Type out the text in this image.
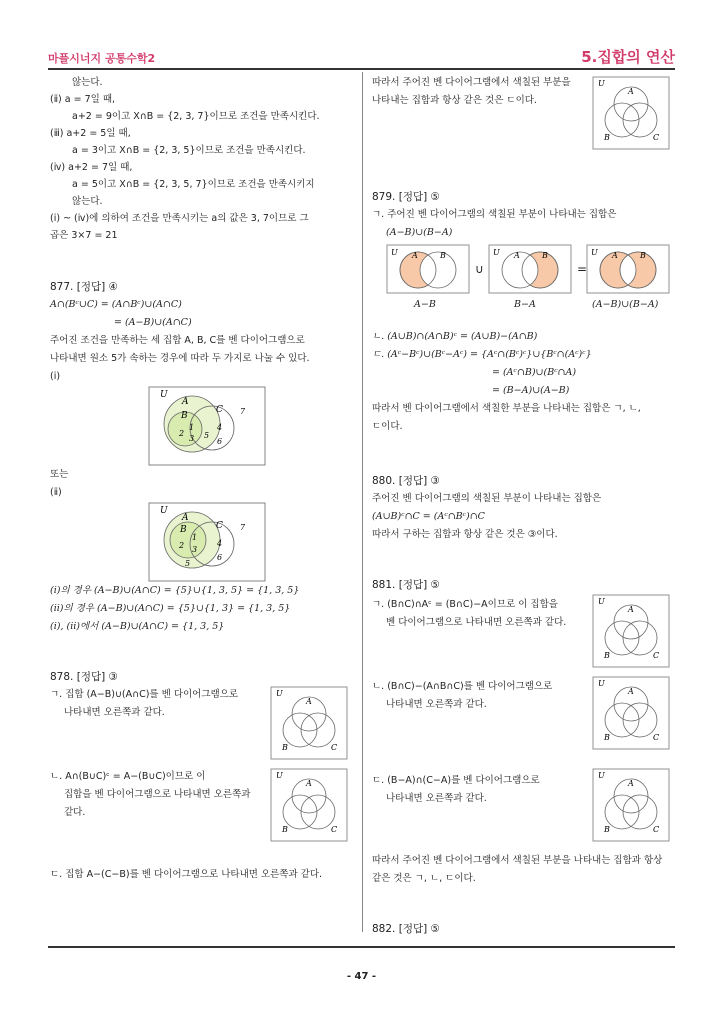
마플시너지 공통수학2	5.집합의 연산
않는다.
(ⅱ) a = 7일 때,
a+2 = 9이고 X∩B = {2, 3, 7}이므로 조건을 만족시킨다.
(ⅲ) a+2 = 5일 때,
a = 3이고 X∩B = {2, 3, 5}이므로 조건을 만족시킨다.
(ⅳ) a+2 = 7일 때,
a = 5이고 X∩B = {2, 3, 5, 7}이므로 조건을 만족시키지
않는다.
(ⅰ) ~ (ⅳ)에 의하여 조건을 만족시키는 a의 값은 3, 7이므로 그
곱은 3×7 = 21
877. [정답] ④
A∩(Bᶜ∪C) = (A∩Bᶜ)∪(A∩C)
= (A−B)∪(A∩C)
주어진 조건을 만족하는 세 집합 A, B, C를 벤 다이어그램으로
나타내면 원소 5가 속하는 경우에 따라 두 가지로 나눌 수 있다.
(ⅰ)
U
A
B
C
1
2
3 5
4
6
7
또는
(ⅱ)
U
A
B	C
1
2 3
5
4
6
7
(ⅰ)의 경우 (A−B)∪(A∩C) = {5}∪{1, 3, 5} = {1, 3, 5}
(ⅱ)의 경우 (A−B)∪(A∩C) = {5}∪{1, 3} = {1, 3, 5}
(ⅰ), (ⅱ)에서 (A−B)∪(A∩C) = {1, 3, 5}
878. [정답] ③
ㄱ. 집합 (A−B)∪(A∩C)를 벤 다이어그램으로
나타내면 오른쪽과 같다.
U
A
B	C
ㄴ. A∩(B∪C)ᶜ = A−(B∪C)이므로 이
집합을 벤 다이어그램으로 나타내면 오른쪽과
같다.
U
A
B	C
ㄷ. 집합 A−(C−B)를 벤 다이어그램으로 나타내면 오른쪽과 같다.
따라서 주어진 벤 다이어그램에서 색칠된 부분을
나타내는 집합과 항상 같은 것은 ㄷ이다.
U
A
B	C
879. [정답] ⑤
ㄱ. 주어진 벤 다이어그램의 색칠된 부분이 나타내는 집합은
(A−B)∪(B−A)
U A	B
∪
U A	B
=
U A	B
A−B	B−A	(A−B)∪(B−A)
ㄴ. (A∪B)∩(A∩B)ᶜ = (A∪B)−(A∩B)
ㄷ. (Aᶜ−Bᶜ)∪(Bᶜ−Aᶜ) = {Aᶜ∩(Bᶜ)ᶜ}∪{Bᶜ∩(Aᶜ)ᶜ}
= (Aᶜ∩B)∪(Bᶜ∩A)
= (B−A)∪(A−B)
따라서 벤 다이어그램에서 색칠한 부분을 나타내는 집합은 ㄱ, ㄴ,
ㄷ이다.
880. [정답] ③
주어진 벤 다이어그램의 색칠된 부분이 나타내는 집합은
(A∪B)ᶜ∩C = (Aᶜ∩Bᶜ)∩C
따라서 구하는 집합과 항상 같은 것은 ③이다.
881. [정답] ⑤
ㄱ. (B∩C)∩Aᶜ = (B∩C)−A이므로 이 집합을
벤 다이어그램으로 나타내면 오른쪽과 같다.
U
A
B	C
ㄴ. (B∩C)−(A∩B∩C)를 벤 다이어그램으로
나타내면 오른쪽과 같다.
U
A
B	C
ㄷ. (B−A)∩(C−A)를 벤 다이어그램으로
나타내면 오른쪽과 같다.
U
A
B	C
따라서 주어진 벤 다이어그램에서 색칠된 부분을 나타내는 집합과 항상
같은 것은 ㄱ, ㄴ, ㄷ이다.
882. [정답] ⑤
- 47 -
